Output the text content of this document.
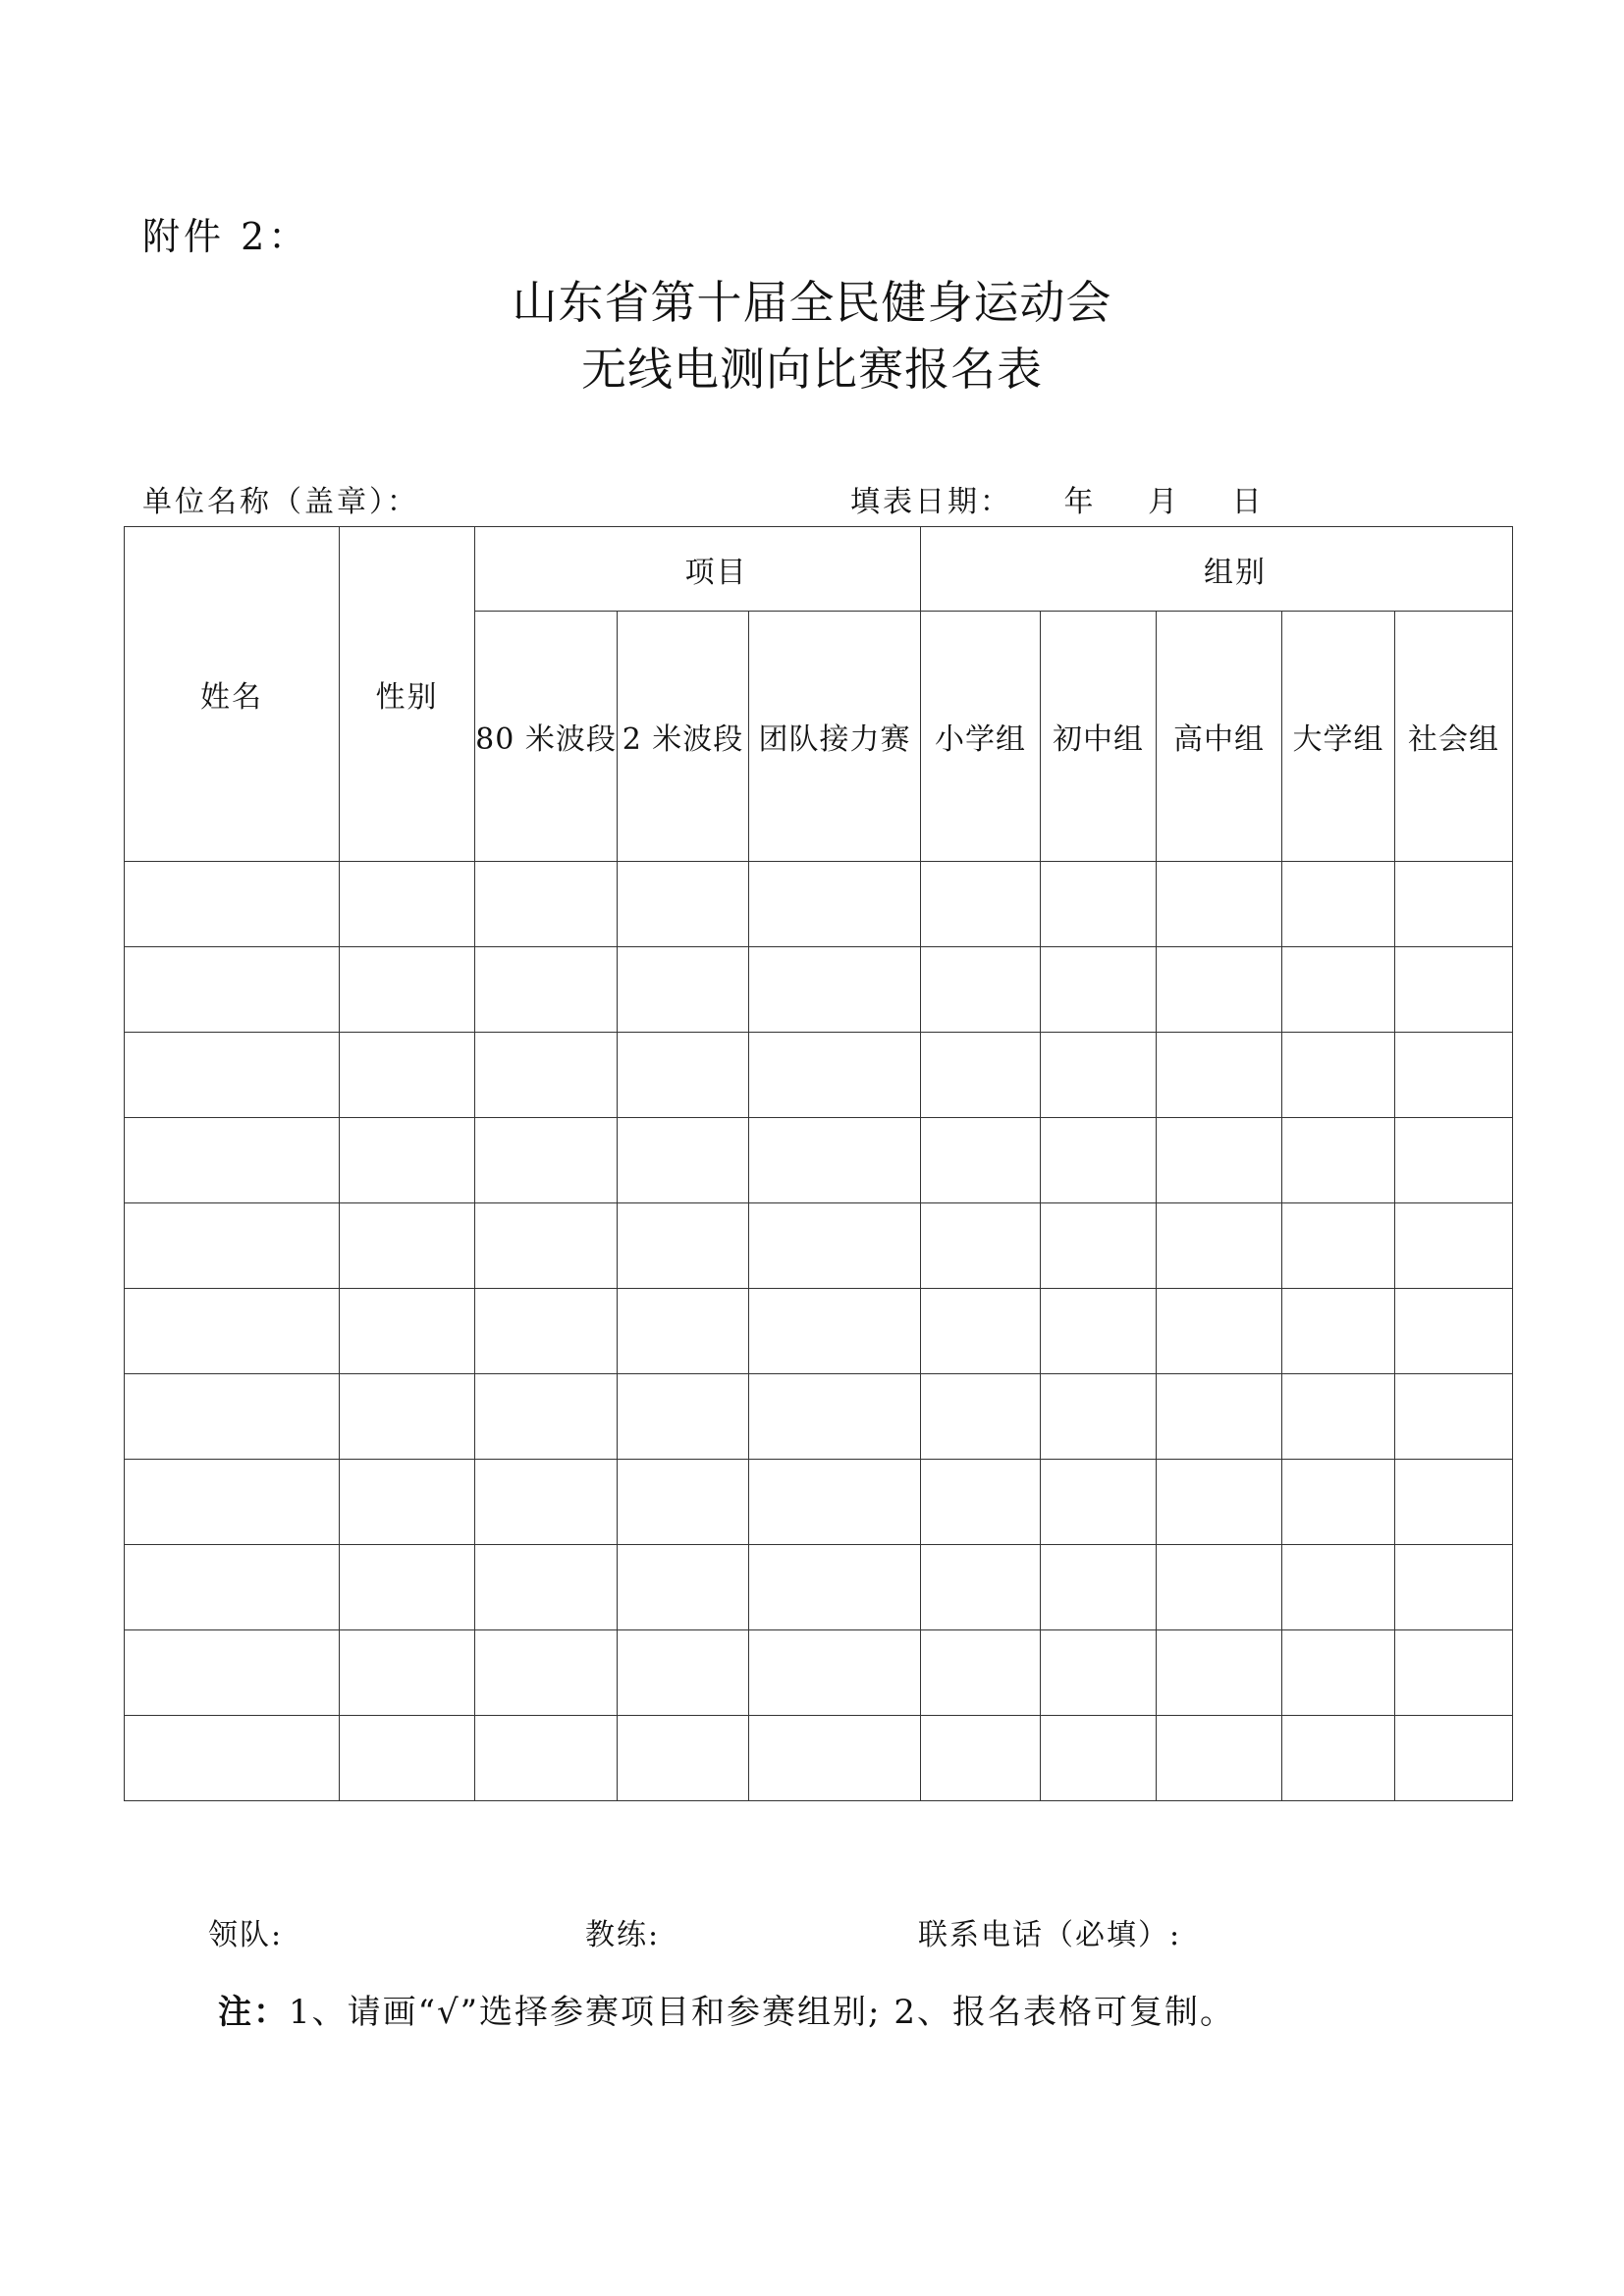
附件 2：
山东省第十届全民健身运动会
无线电测向比赛报名表
单位名称（盖章）：	填表日期： 年 月 日
姓名	性别	项目			组别				
		80 米波段	2 米波段	团队接力赛	小学组	初中组	高中组	大学组	社会组

领队:	教练:	联系电话（必填）:
注：1、请画“√”选择参赛项目和参赛组别; 2、报名表格可复制。
